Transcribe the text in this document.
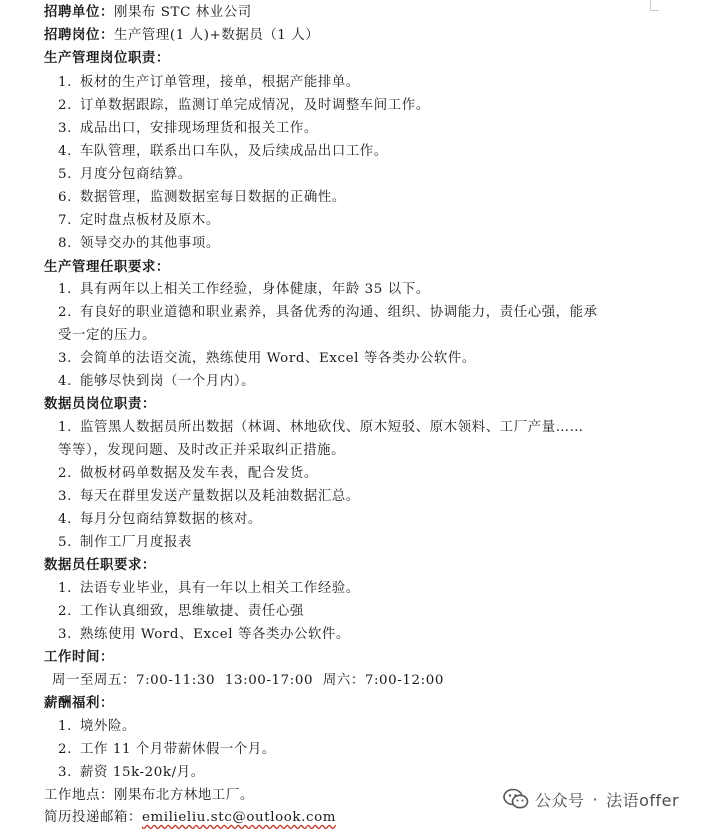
招聘单位：刚果布 STC 林业公司
招聘岗位：生产管理(1 人)+数据员（1 人）
生产管理岗位职责：
1. 板材的生产订单管理，接单，根据产能排单。
2. 订单数据跟踪，监测订单完成情况，及时调整车间工作。
3. 成品出口，安排现场理货和报关工作。
4. 车队管理，联系出口车队，及后续成品出口工作。
5. 月度分包商结算。
6. 数据管理，监测数据室每日数据的正确性。
7. 定时盘点板材及原木。
8. 领导交办的其他事项。
生产管理任职要求：
1. 具有两年以上相关工作经验，身体健康，年龄 35 以下。
2. 有良好的职业道德和职业素养，具备优秀的沟通、组织、协调能力，责任心强，能承
受一定的压力。
3. 会简单的法语交流，熟练使用 Word、Excel 等各类办公软件。
4. 能够尽快到岗（一个月内）。
数据员岗位职责：
1. 监管黑人数据员所出数据（林调、林地砍伐、原木短驳、原木领料、工厂产量……
等等），发现问题、及时改正并采取纠正措施。
2. 做板材码单数据及发车表，配合发货。
3. 每天在群里发送产量数据以及耗油数据汇总。
4. 每月分包商结算数据的核对。
5. 制作工厂月度报表
数据员任职要求：
1. 法语专业毕业，具有一年以上相关工作经验。
2. 工作认真细致，思维敏捷、责任心强
3. 熟练使用 Word、Excel 等各类办公软件。
工作时间：
周一至周五：7:00-11:30  13:00-17:00  周六：7:00-12:00
薪酬福利：
1. 境外险。
2. 工作 11 个月带薪休假一个月。
3. 薪资 15k-20k/月。
工作地点：刚果布北方林地工厂。
简历投递邮箱：emilieliu.stc@outlook.com
公众号 · 法语offer
